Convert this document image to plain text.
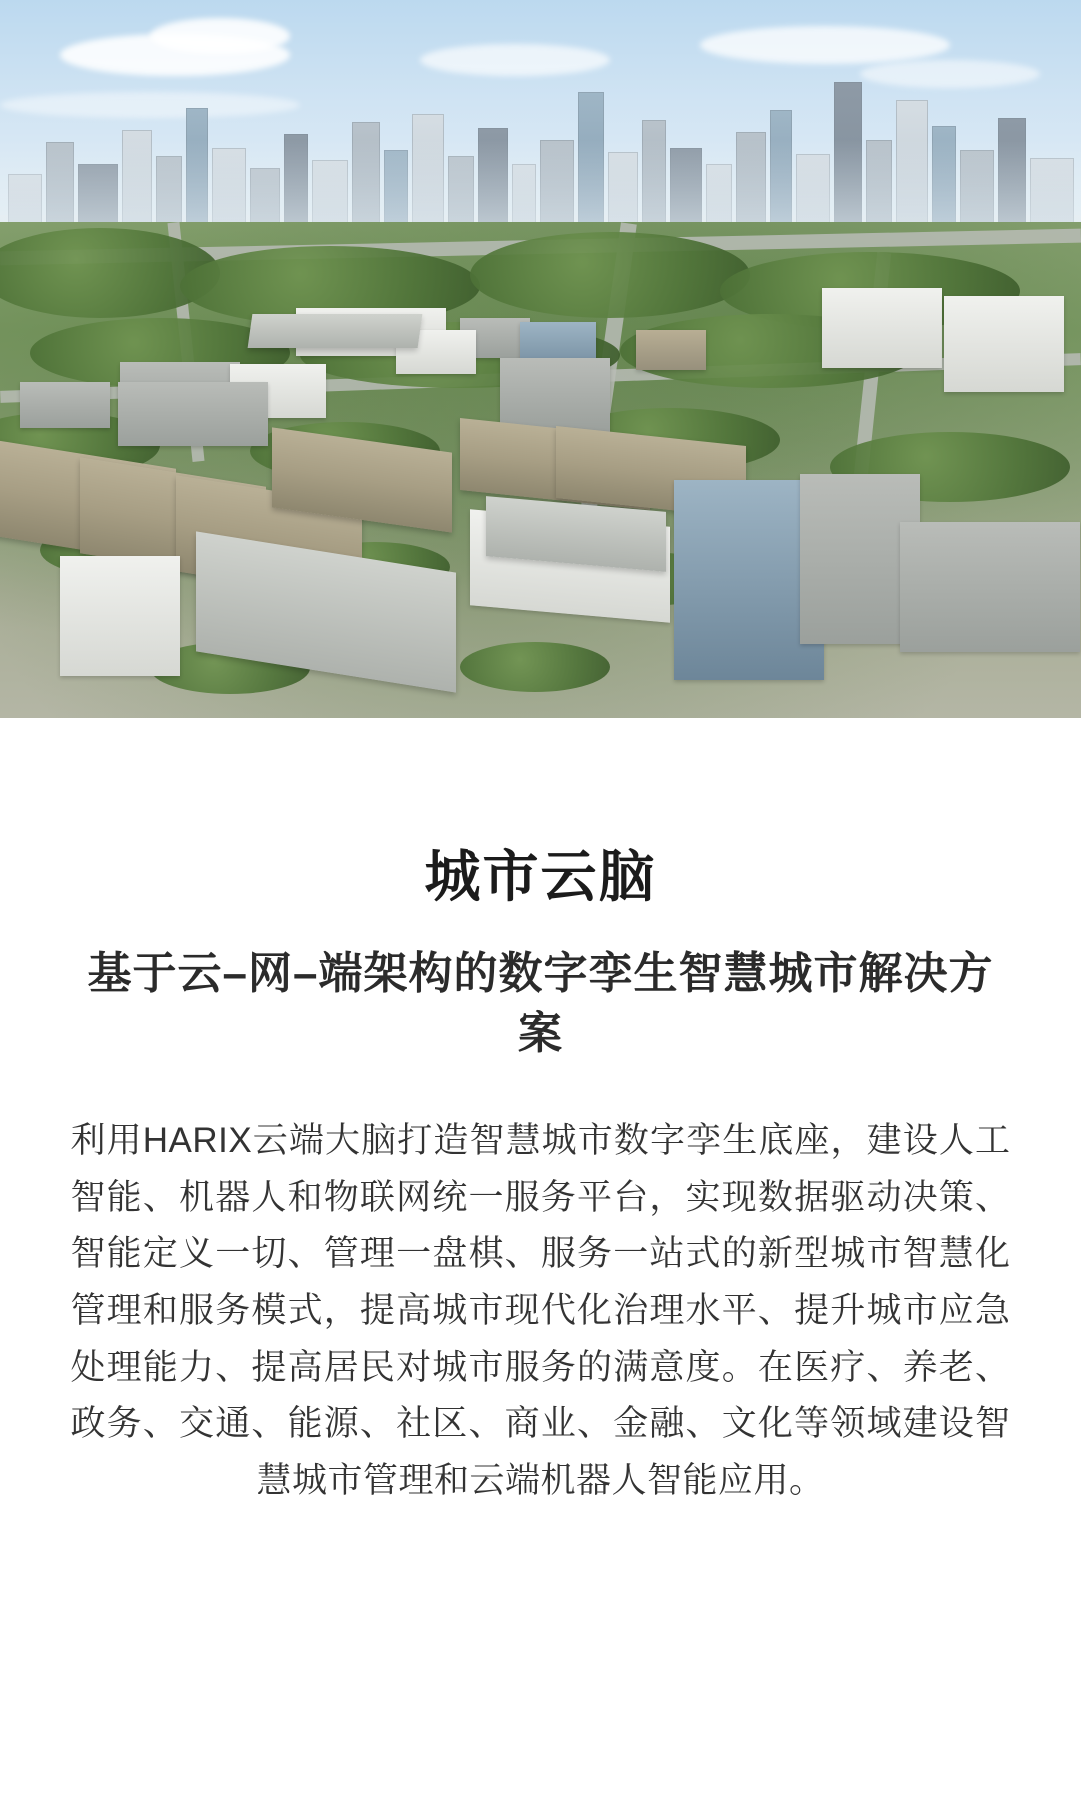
城市云脑
基于云–网–端架构的数字孪生智慧城市解决方案

利用HARIX云端大脑打造智慧城市数字孪生底座，建设人工智能、机器人和物联网统一服务平台，实现数据驱动决策、智能定义一切、管理一盘棋、服务一站式的新型城市智慧化管理和服务模式，提高城市现代化治理水平、提升城市应急处理能力、提高居民对城市服务的满意度。在医疗、养老、政务、交通、能源、社区、商业、金融、文化等领域建设智慧城市管理和云端机器人智能应用。
